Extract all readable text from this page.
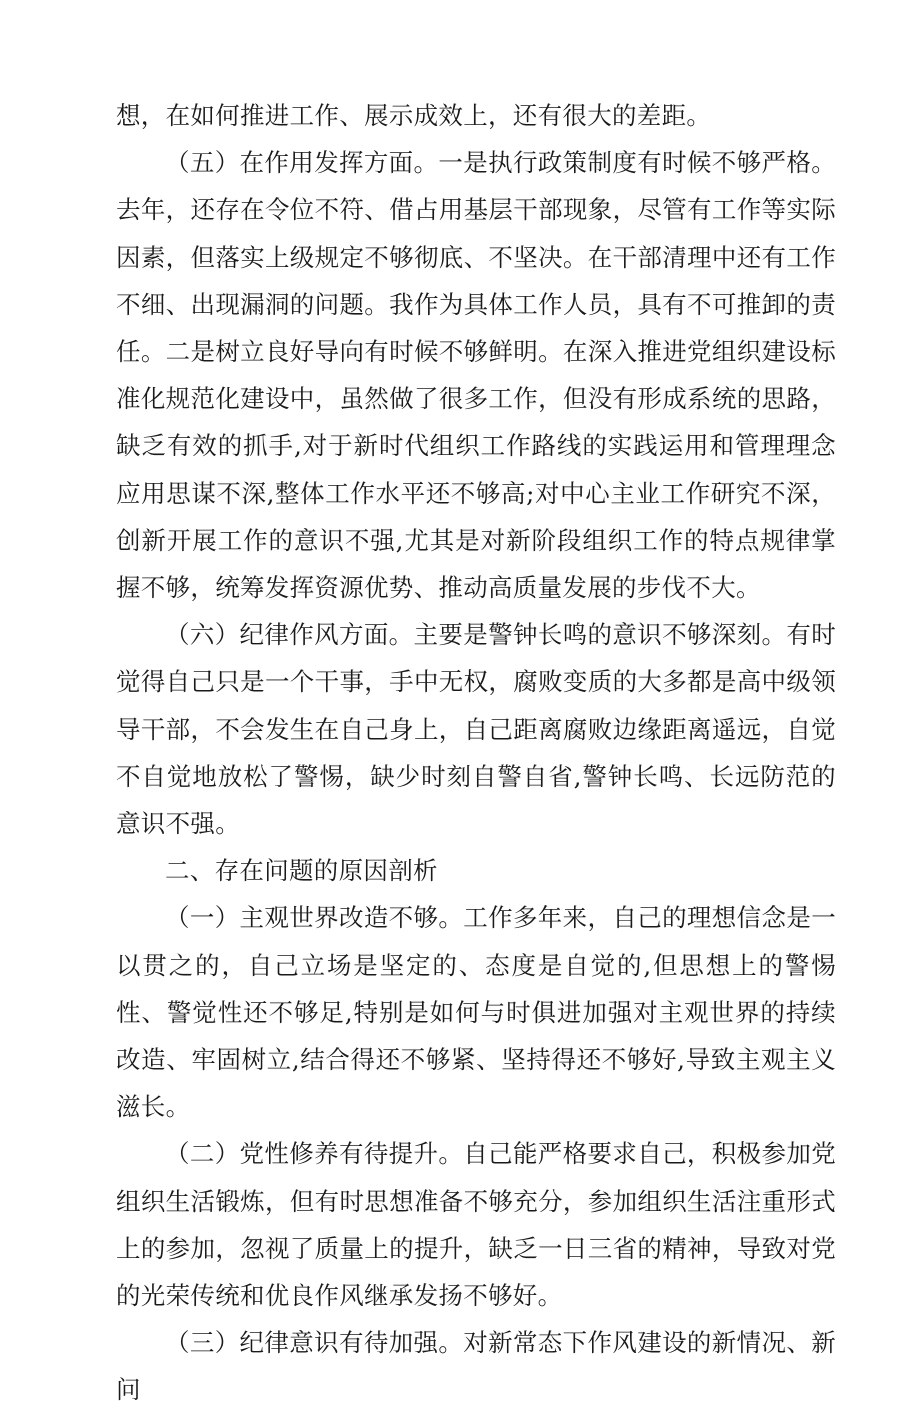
想，在如何推进工作、展示成效上，还有很大的差距。

（五）在作用发挥方面。一是执行政策制度有时候不够严格。去年，还存在令位不符、借占用基层干部现象，尽管有工作等实际因素，但落实上级规定不够彻底、不坚决。在干部清理中还有工作不细、出现漏洞的问题。我作为具体工作人员，具有不可推卸的责任。二是树立良好导向有时候不够鲜明。在深入推进党组织建设标准化规范化建设中，虽然做了很多工作，但没有形成系统的思路，缺乏有效的抓手,对于新时代组织工作路线的实践运用和管理理念应用思谋不深,整体工作水平还不够高;对中心主业工作研究不深，创新开展工作的意识不强,尤其是对新阶段组织工作的特点规律掌握不够，统筹发挥资源优势、推动高质量发展的步伐不大。

（六）纪律作风方面。主要是警钟长鸣的意识不够深刻。有时觉得自己只是一个干事，手中无权，腐败变质的大多都是高中级领导干部，不会发生在自己身上，自己距离腐败边缘距离遥远，自觉不自觉地放松了警惕，缺少时刻自警自省,警钟长鸣、长远防范的意识不强。

二、存在问题的原因剖析

（一）主观世界改造不够。工作多年来，自己的理想信念是一以贯之的，自己立场是坚定的、态度是自觉的,但思想上的警惕性、警觉性还不够足,特别是如何与时俱进加强对主观世界的持续改造、牢固树立,结合得还不够紧、坚持得还不够好,导致主观主义滋长。

（二）党性修养有待提升。自己能严格要求自己，积极参加党组织生活锻炼，但有时思想准备不够充分，参加组织生活注重形式上的参加，忽视了质量上的提升，缺乏一日三省的精神，导致对党的光荣传统和优良作风继承发扬不够好。

（三）纪律意识有待加强。对新常态下作风建设的新情况、新问
